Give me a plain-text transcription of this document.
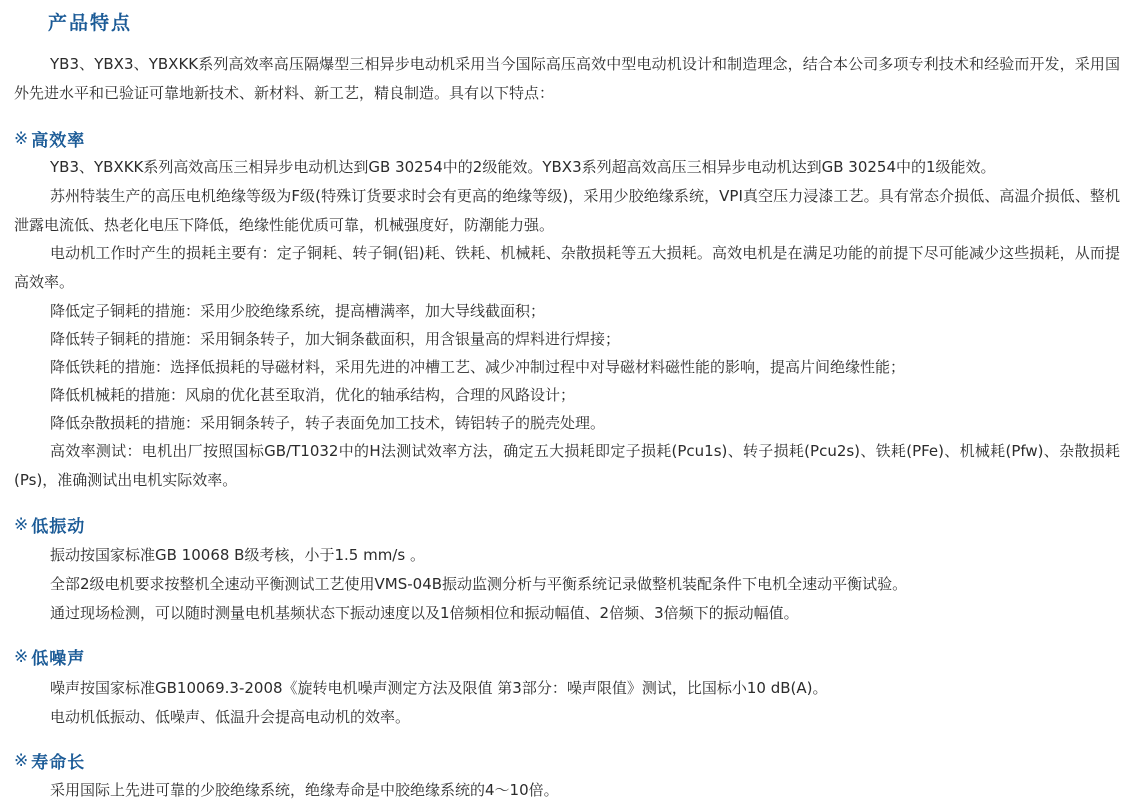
产品特点

YB3、YBX3、YBXKK系列高效率高压隔爆型三相异步电动机采用当今国际高压高效中型电动机设计和制造理念，结合本公司多项专利技术和经验而开发，采用国外先进水平和已验证可靠地新技术、新材料、新工艺，精良制造。具有以下特点：

※ 高效率

YB3、YBXKK系列高效高压三相异步电动机达到GB 30254中的2级能效。YBX3系列超高效高压三相异步电动机达到GB 30254中的1级能效。

苏州特装生产的高压电机绝缘等级为F级(特殊订货要求时会有更高的绝缘等级)，采用少胶绝缘系统，VPI真空压力浸漆工艺。具有常态介损低、高温介损低、整机泄露电流低、热老化电压下降低，绝缘性能优质可靠，机械强度好，防潮能力强。

电动机工作时产生的损耗主要有：定子铜耗、转子铜(铝)耗、铁耗、机械耗、杂散损耗等五大损耗。高效电机是在满足功能的前提下尽可能减少这些损耗，从而提高效率。

降低定子铜耗的措施：采用少胶绝缘系统，提高槽满率，加大导线截面积；

降低转子铜耗的措施：采用铜条转子，加大铜条截面积，用含银量高的焊料进行焊接；

降低铁耗的措施：选择低损耗的导磁材料，采用先进的冲槽工艺、减少冲制过程中对导磁材料磁性能的影响，提高片间绝缘性能；

降低机械耗的措施：风扇的优化甚至取消，优化的轴承结构，合理的风路设计；

降低杂散损耗的措施：采用铜条转子，转子表面免加工技术，铸铝转子的脱壳处理。

高效率测试：电机出厂按照国标GB/T1032中的H法测试效率方法，确定五大损耗即定子损耗(Pcu1s)、转子损耗(Pcu2s)、铁耗(PFe)、机械耗(Pfw)、杂散损耗(Ps)，准确测试出电机实际效率。

※ 低振动

振动按国家标准GB 10068 B级考核，小于1.5 mm/s 。

全部2级电机要求按整机全速动平衡测试工艺使用VMS-04B振动监测分析与平衡系统记录做整机装配条件下电机全速动平衡试验。

通过现场检测，可以随时测量电机基频状态下振动速度以及1倍频相位和振动幅值、2倍频、3倍频下的振动幅值。

※ 低噪声

噪声按国家标准GB10069.3-2008《旋转电机噪声测定方法及限值 第3部分：噪声限值》测试，比国标小10 dB(A)。

电动机低振动、低噪声、低温升会提高电动机的效率。

※ 寿命长

采用国际上先进可靠的少胶绝缘系统，绝缘寿命是中胶绝缘系统的4～10倍。
